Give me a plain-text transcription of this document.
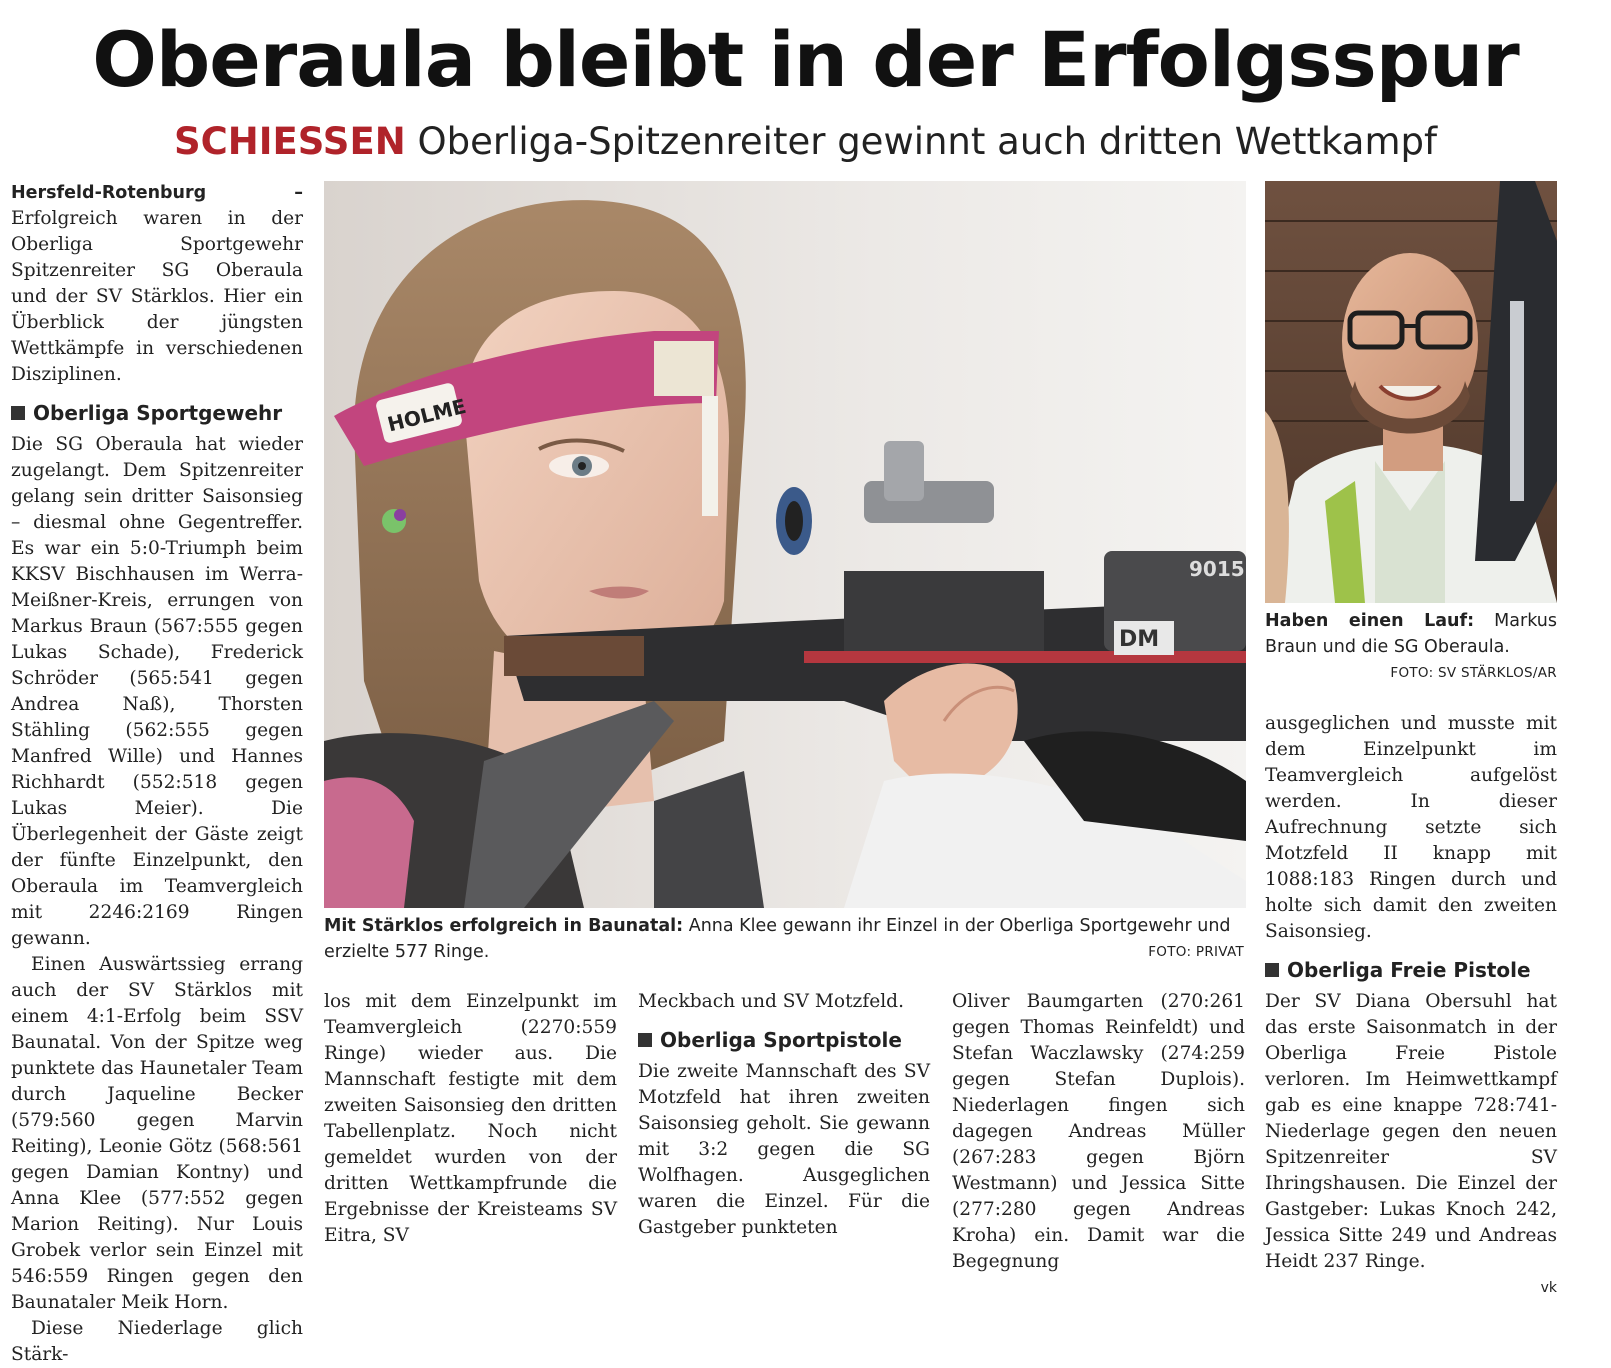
Oberaula bleibt in der Erfolgsspur
SCHIESSEN Oberliga-Spitzenreiter gewinnt auch dritten Wettkampf

Hersfeld-Rotenburg – Erfolgreich waren in der Oberliga Sportgewehr Spitzenreiter SG Oberaula und der SV Stärklos. Hier ein Überblick der jüngsten Wettkämpfe in verschiedenen Disziplinen.

Oberliga Sportgewehr

Die SG Oberaula hat wieder zugelangt. Dem Spitzenreiter gelang sein dritter Saisonsieg – diesmal ohne Gegentreffer. Es war ein 5:0-Triumph beim KKSV Bischhausen im Werra-Meißner-Kreis, errungen von Markus Braun (567:555 gegen Lukas Schade), Frederick Schröder (565:541 gegen Andrea Naß), Thorsten Stähling (562:555 gegen Manfred Wille) und Hannes Richhardt (552:518 gegen Lukas Meier). Die Überlegenheit der Gäste zeigt der fünfte Einzelpunkt, den Oberaula im Teamvergleich mit 2246:2169 Ringen gewann.

Einen Auswärtssieg errang auch der SV Stärklos mit einem 4:1-Erfolg beim SSV Baunatal. Von der Spitze weg punktete das Haunetaler Team durch Jaqueline Becker (579:560 gegen Marvin Reiting), Leonie Götz (568:561 gegen Damian Kontny) und Anna Klee (577:552 gegen Marion Reiting). Nur Louis Grobek verlor sein Einzel mit 546:559 Ringen gegen den Baunataler Meik Horn.

Diese Niederlage glich Stärk-

HOLME
9015
DM
Mit Stärklos erfolgreich in Baunatal: Anna Klee gewann ihr Einzel in der Oberliga Sportgewehr und erzielte 577 Ringe.	FOTO: PRIVAT

los mit dem Einzelpunkt im Teamvergleich (2270:559 Ringe) wieder aus. Die Mannschaft festigte mit dem zweiten Saisonsieg den dritten Tabellenplatz. Noch nicht gemeldet wurden von der dritten Wettkampfrunde die Ergebnisse der Kreisteams SV Eitra, SV

Meckbach und SV Motzfeld.

Oberliga Sportpistole

Die zweite Mannschaft des SV Motzfeld hat ihren zweiten Saisonsieg geholt. Sie gewann mit 3:2 gegen die SG Wolfhagen. Ausgeglichen waren die Einzel. Für die Gastgeber punkteten

Oliver Baumgarten (270:261 gegen Thomas Reinfeldt) und Stefan Waczlawsky (274:259 gegen Stefan Duplois). Niederlagen fingen sich dagegen Andreas Müller (267:283 gegen Björn Westmann) und Jessica Sitte (277:280 gegen Andreas Kroha) ein. Damit war die Begegnung

Haben einen Lauf: Markus Braun und die SG Oberaula.
FOTO: SV STÄRKLOS/AR

ausgeglichen und musste mit dem Einzelpunkt im Teamvergleich aufgelöst werden. In dieser Aufrechnung setzte sich Motzfeld II knapp mit 1088:183 Ringen durch und holte sich damit den zweiten Saisonsieg.

Oberliga Freie Pistole

Der SV Diana Obersuhl hat das erste Saisonmatch in der Oberliga Freie Pistole verloren. Im Heimwettkampf gab es eine knappe 728:741-Niederlage gegen den neuen Spitzenreiter SV Ihringshausen. Die Einzel der Gastgeber: Lukas Knoch 242, Jessica Sitte 249 und Andreas Heidt 237 Ringe.

vk
